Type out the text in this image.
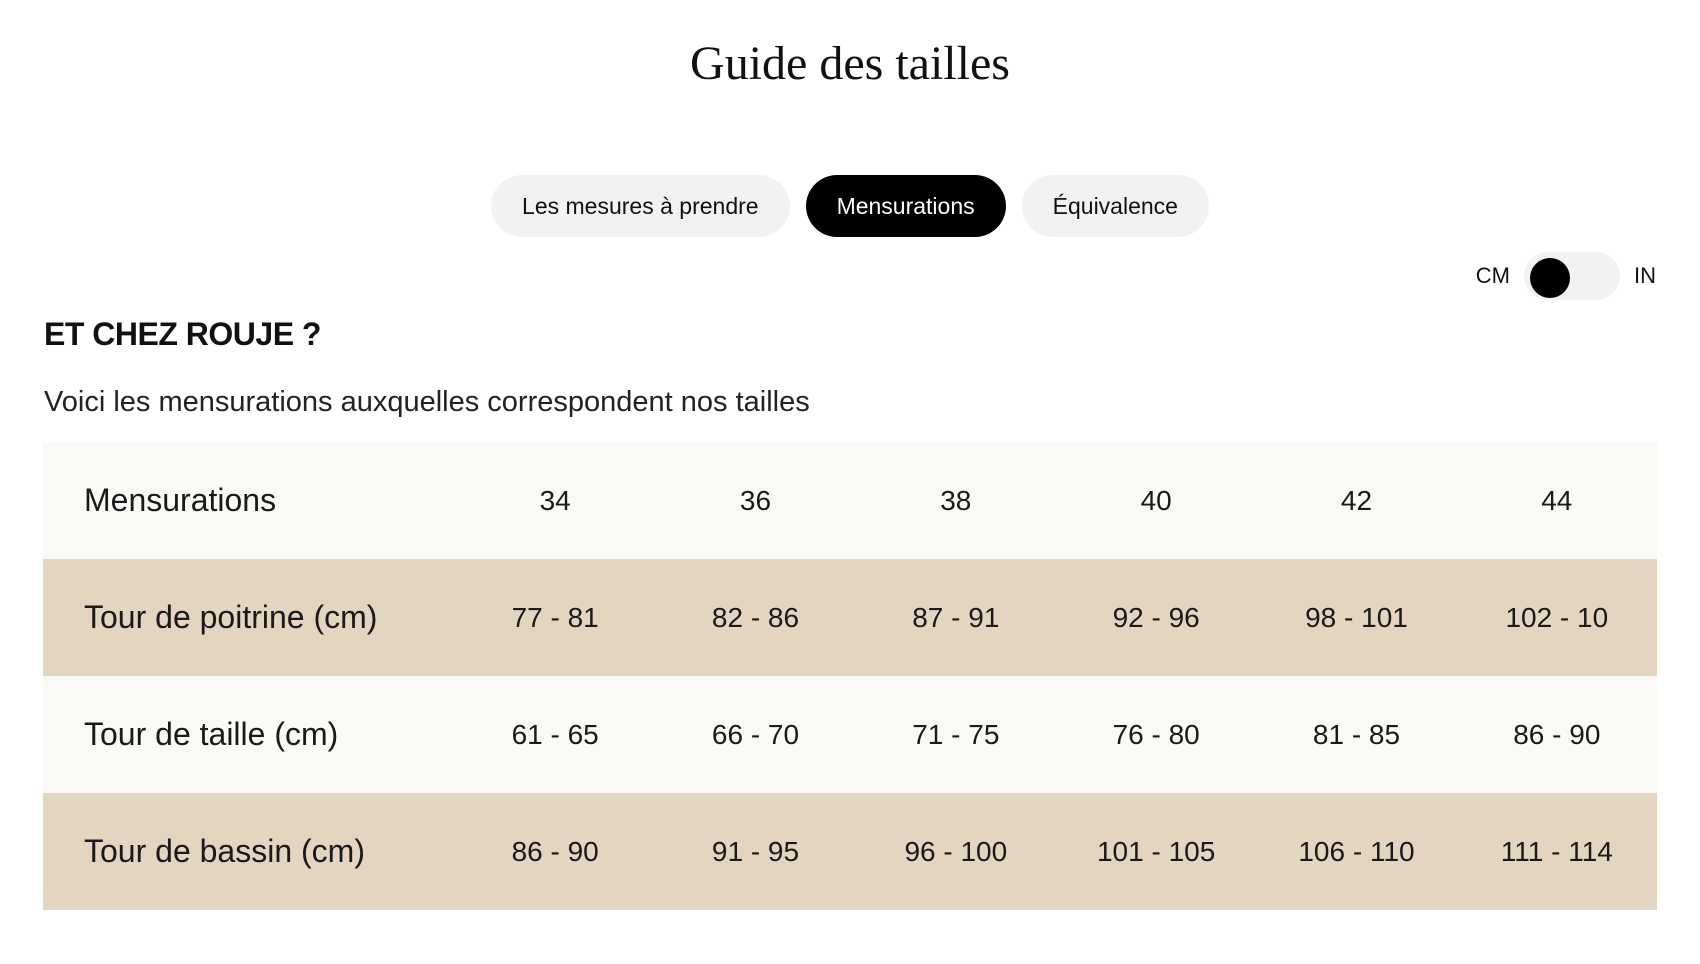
Guide des tailles
Les mesures à prendre	Mensurations	Équivalence
CM	IN
ET CHEZ ROUJE ?

Voici les mensurations auxquelles correspondent nos tailles

Mensurations	34	36	38	40	42	44
Tour de poitrine (cm)	77 - 81	82 - 86	87 - 91	92 - 96	98 - 101	102 - 10
Tour de taille (cm)	61 - 65	66 - 70	71 - 75	76 - 80	81 - 85	86 - 90
Tour de bassin (cm)	86 - 90	91 - 95	96 - 100	101 - 105	106 - 110	111 - 114
